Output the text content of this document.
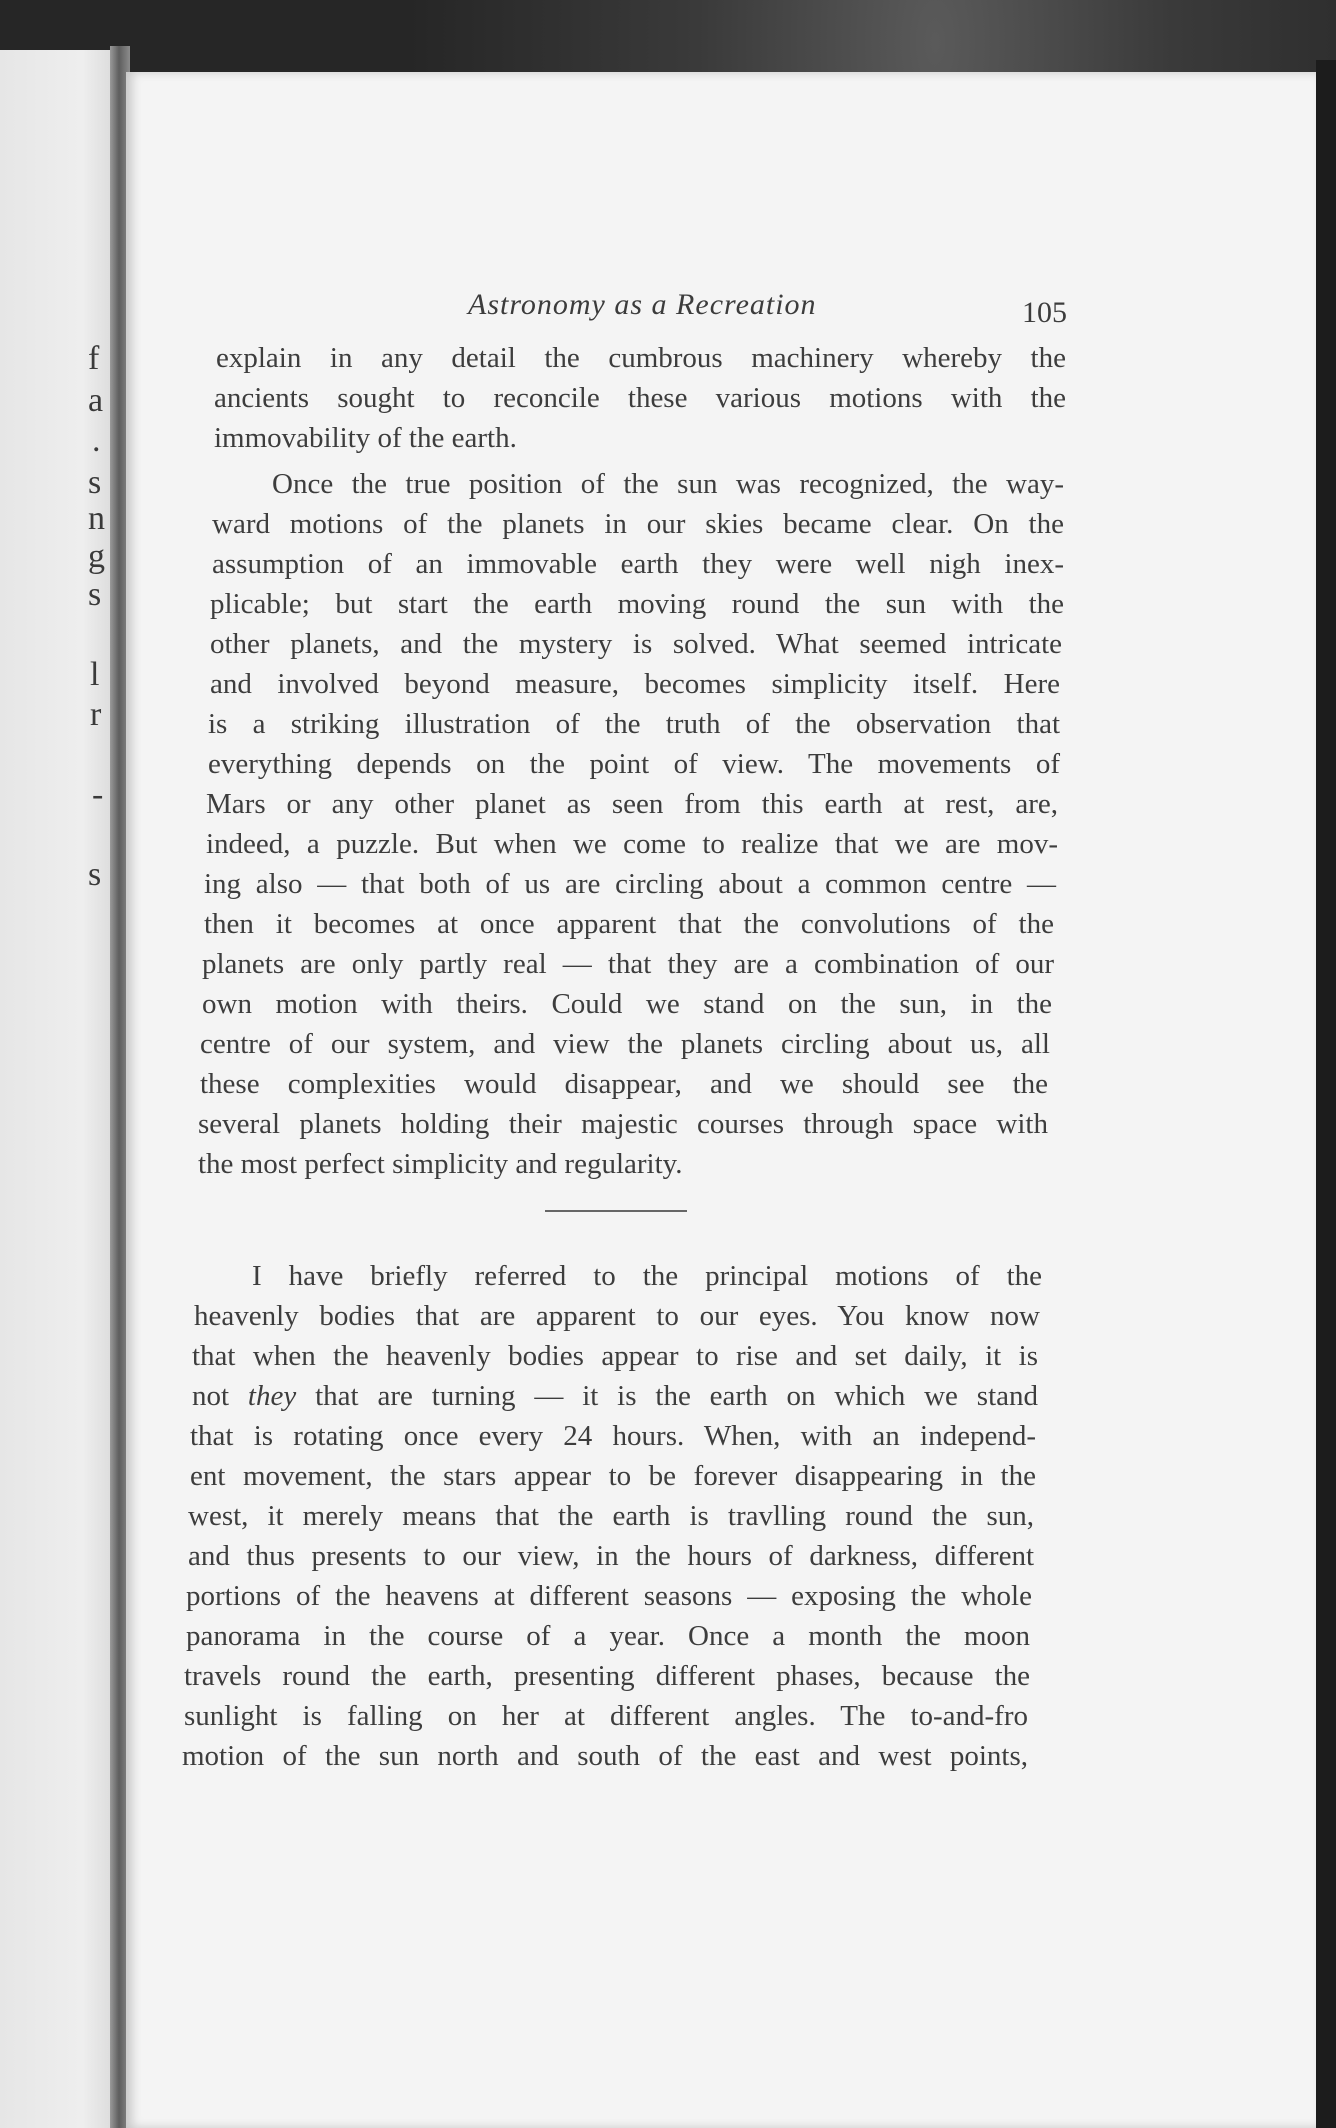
f
a
.
s
n
g
s
l
r
-
s
Astronomy as a Recreation	105
explain in any detail the cumbrous machinery whereby the
ancients sought to reconcile these various motions with the
immovability of the earth.
Once the true position of the sun was recognized, the way-
ward motions of the planets in our skies became clear. On the
assumption of an immovable earth they were well nigh inex-
plicable; but start the earth moving round the sun with the
other planets, and the mystery is solved. What seemed intricate
and involved beyond measure, becomes simplicity itself. Here
is a striking illustration of the truth of the observation that
everything depends on the point of view. The movements of
Mars or any other planet as seen from this earth at rest, are,
indeed, a puzzle. But when we come to realize that we are mov-
ing also — that both of us are circling about a common centre —
then it becomes at once apparent that the convolutions of the
planets are only partly real — that they are a combination of our
own motion with theirs. Could we stand on the sun, in the
centre of our system, and view the planets circling about us, all
these complexities would disappear, and we should see the
several planets holding their majestic courses through space with
the most perfect simplicity and regularity.
I have briefly referred to the principal motions of the
heavenly bodies that are apparent to our eyes. You know now
that when the heavenly bodies appear to rise and set daily, it is
not they that are turning — it is the earth on which we stand
that is rotating once every 24 hours. When, with an independ-
ent movement, the stars appear to be forever disappearing in the
west, it merely means that the earth is travlling round the sun,
and thus presents to our view, in the hours of darkness, different
portions of the heavens at different seasons — exposing the whole
panorama in the course of a year. Once a month the moon
travels round the earth, presenting different phases, because the
sunlight is falling on her at different angles. The to-and-fro
motion of the sun north and south of the east and west points,
